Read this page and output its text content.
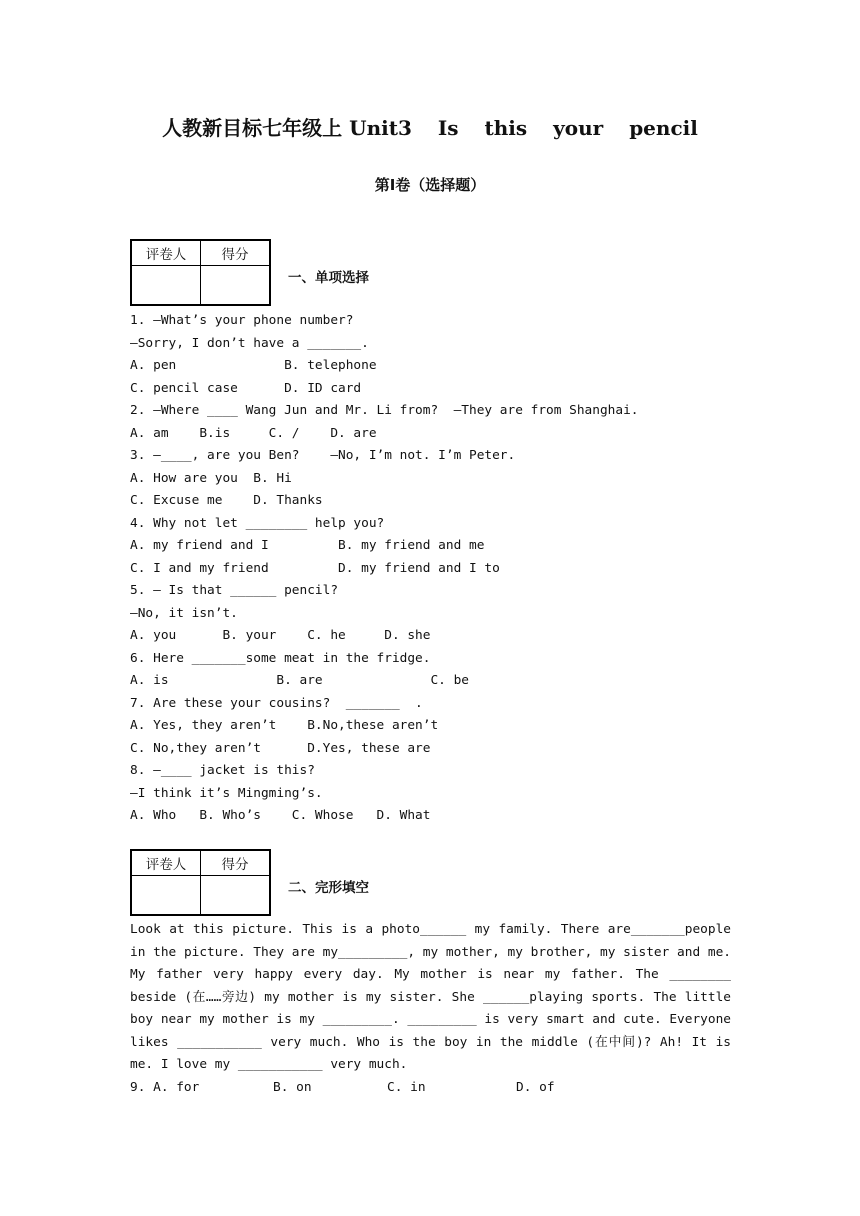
人教新目标七年级上 Unit3 Is this your pencil
第Ⅰ卷（选择题）
评卷人	得分

一、单项选择
1. —What’s your phone number?
—Sorry, I don’t have a _______.
A. pen              B. telephone
C. pencil case      D. ID card
2. —Where ____ Wang Jun and Mr. Li from?  —They are from Shanghai.
A. am    B.is     C. /    D. are
3. —____, are you Ben?    —No, I’m not. I’m Peter.
A. How are you  B. Hi
C. Excuse me    D. Thanks
4. Why not let ________ help you?
A. my friend and I         B. my friend and me
C. I and my friend         D. my friend and I to
5. — Is that ______ pencil?
—No, it isn’t.
A. you      B. your    C. he     D. she
6. Here _______some meat in the fridge.
A. is              B. are              C. be
7. Are these your cousins?  _______  .
A. Yes, they aren’t    B.No,these aren’t
C. No,they aren’t      D.Yes, these are
8. —____ jacket is this?
—I think it’s Mingming’s.
A. Who   B. Who’s    C. Whose   D. What
评卷人	得分

二、完形填空
Look at this picture. This is a photo______ my family. There are_______people in the picture. They are my_________, my mother, my brother, my sister and me. My father very happy every day. My mother is near my father. The ________ beside (在……旁边) my mother is my sister. She ______playing sports. The little boy near my mother is my _________. _________ is very smart and cute. Everyone likes ___________ very much. Who is the boy in the middle (在中间)? Ah! It is me. I love my ___________ very much.
9. A. for	B. on	C. in	D. of
